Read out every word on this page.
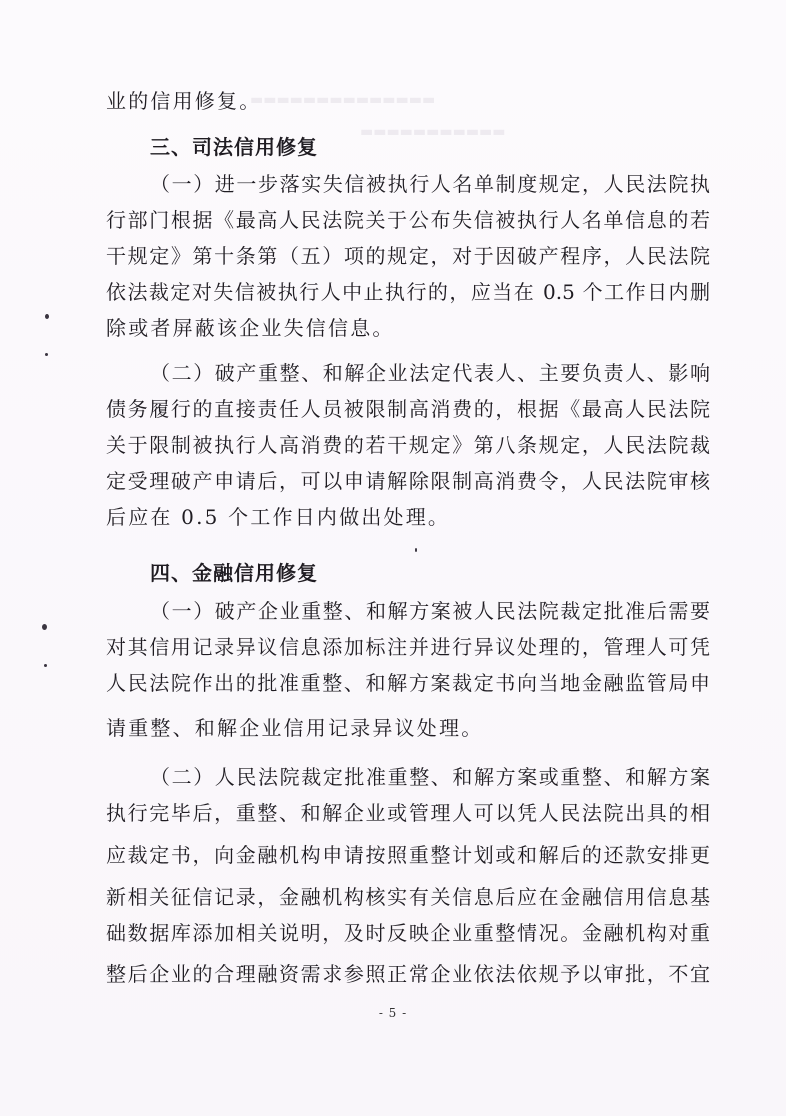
▬▬▬▬▬▬▬▬▬▬▬▬▬▬
▬▬▬▬▬▬▬▬▬▬▬
业的信用修复。
三、司法信用修复
（一）进一步落实失信被执行人名单制度规定，人民法院执
行部门根据《最高人民法院关于公布失信被执行人名单信息的若
干规定》第十条第（五）项的规定，对于因破产程序，人民法院
依法裁定对失信被执行人中止执行的，应当在 0.5 个工作日内删
除或者屏蔽该企业失信信息。
（二）破产重整、和解企业法定代表人、主要负责人、影响
债务履行的直接责任人员被限制高消费的，根据《最高人民法院
关于限制被执行人高消费的若干规定》第八条规定，人民法院裁
定受理破产申请后，可以申请解除限制高消费令，人民法院审核
后应在 0.5 个工作日内做出处理。
四、金融信用修复
（一）破产企业重整、和解方案被人民法院裁定批准后需要
对其信用记录异议信息添加标注并进行异议处理的，管理人可凭
人民法院作出的批准重整、和解方案裁定书向当地金融监管局申
请重整、和解企业信用记录异议处理。
（二）人民法院裁定批准重整、和解方案或重整、和解方案
执行完毕后，重整、和解企业或管理人可以凭人民法院出具的相
应裁定书，向金融机构申请按照重整计划或和解后的还款安排更
新相关征信记录，金融机构核实有关信息后应在金融信用信息基
础数据库添加相关说明，及时反映企业重整情况。金融机构对重
整后企业的合理融资需求参照正常企业依法依规予以审批，不宜
- 5 -
